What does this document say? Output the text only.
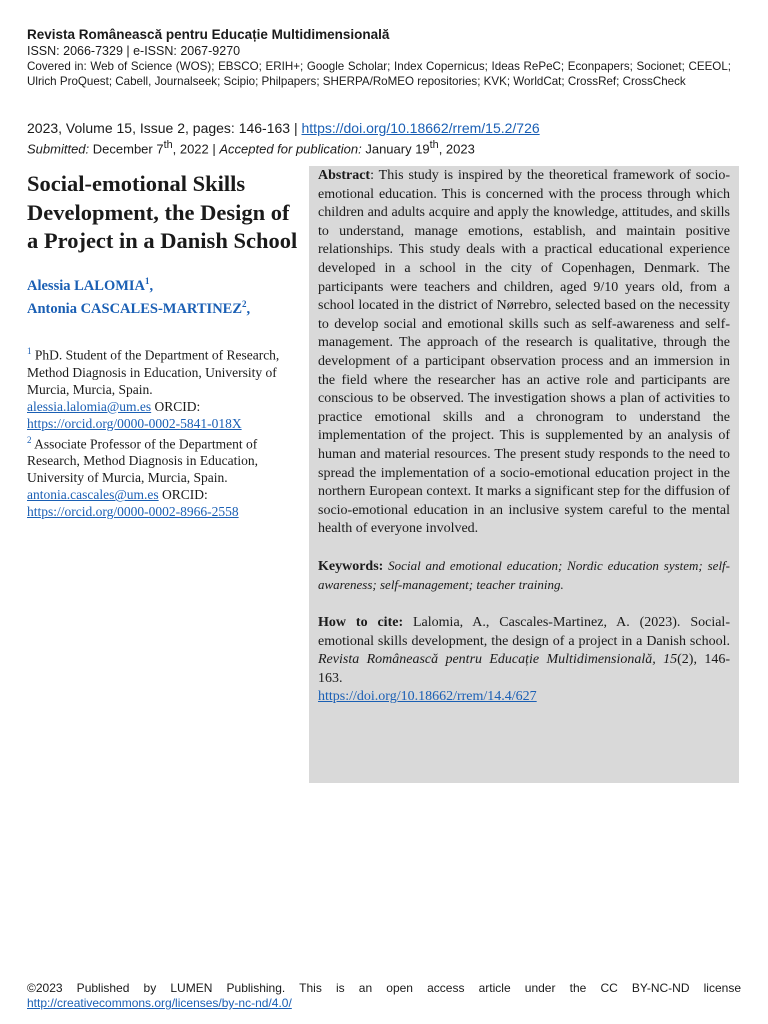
Revista Românească pentru Educație Multidimensională

ISSN: 2066-7329 | e-ISSN: 2067-9270

Covered in: Web of Science (WOS); EBSCO; ERIH+; Google Scholar; Index Copernicus; Ideas RePeC; Econpapers; Socionet; CEEOL; Ulrich ProQuest; Cabell, Journalseek; Scipio; Philpapers; SHERPA/RoMEO repositories; KVK; WorldCat; CrossRef; CrossCheck

2023, Volume 15, Issue 2, pages: 146-163 | https://doi.org/10.18662/rrem/15.2/726
Submitted: December 7th, 2022 | Accepted for publication: January 19th, 2023
Social-emotional Skills Development, the Design of a Project in a Danish School
Alessia LALOMIA$^1$,
Antonia CASCALES-MARTINEZ$^2$,
$^1$ PhD. Student of the Department of Research, Method Diagnosis in Education, University of Murcia, Murcia, Spain.
alessia.lalomia@um.es ORCID:
https://orcid.org/0000-0002-5841-018X
$^2$ Associate Professor of the Department of Research, Method Diagnosis in Education, University of Murcia, Murcia, Spain.
antonia.cascales@um.es ORCID:
https://orcid.org/0000-0002-8966-2558

Abstract: This study is inspired by the theoretical framework of socio-emotional education. This is concerned with the process through which children and adults acquire and apply the knowledge, attitudes, and skills to understand, manage emotions, establish, and maintain positive relationships. This study deals with a practical educational experience developed in a school in the city of Copenhagen, Denmark. The participants were teachers and children, aged 9/10 years old, from a school located in the district of Nørrebro, selected based on the necessity to develop social and emotional skills such as self-awareness and self-management. The approach of the research is qualitative, through the development of a participant observation process and an immersion in the field where the researcher has an active role and participants are conscious to be observed. The investigation shows a plan of activities to practice emotional skills and a chronogram to understand the implementation of the project. This is supplemented by an analysis of human and material resources. The present study responds to the need to spread the implementation of a socio-emotional education project in the northern European context. It marks a significant step for the diffusion of socio-emotional education in an inclusive system careful to the mental health of everyone involved.

Keywords: Social and emotional education; Nordic education system; self-awareness; self-management; teacher training.

How to cite: Lalomia, A., Cascales-Martinez, A. (2023). Social-emotional skills development, the design of a project in a Danish school. Revista Românească pentru Educație Multidimensională, 15(2), 146-163.
https://doi.org/10.18662/rrem/14.4/627

©2023 Published by LUMEN Publishing. This is an open access article under the CC BY-NC-ND license
http://creativecommons.org/licenses/by-nc-nd/4.0/
